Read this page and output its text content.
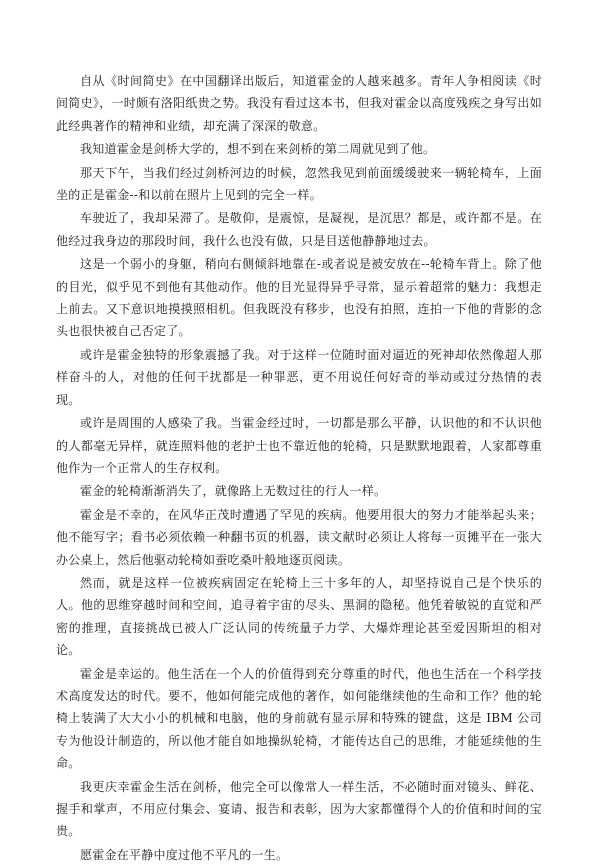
自从《时间简史》在中国翻译出版后，知道霍金的人越来越多。青年人争相阅读《时间简史》，一时颇有洛阳纸贵之势。我没有看过这本书，但我对霍金以高度残疾之身写出如此经典著作的精神和业绩，却充满了深深的敬意。

我知道霍金是剑桥大学的，想不到在来剑桥的第二周就见到了他。

那天下午，当我们经过剑桥河边的时候，忽然我见到前面缓缓驶来一辆轮椅车，上面坐的正是霍金--和以前在照片上见到的完全一样。

车驶近了，我却呆滞了。是敬仰，是震惊，是凝视，是沉思？都是，或许都不是。在他经过我身边的那段时间，我什么也没有做，只是目送他静静地过去。

这是一个弱小的身躯，稍向右侧倾斜地靠在-或者说是被安放在--轮椅车背上。除了他的目光，似乎见不到他有其他动作。他的目光显得异乎寻常，显示着超常的魅力：我想走上前去。又下意识地摸摸照相机。但我既没有移步，也没有拍照，连拍一下他的背影的念头也很快被自己否定了。

或许是霍金独特的形象震撼了我。对于这样一位随时面对逼近的死神却依然像超人那样奋斗的人，对他的任何干扰都是一种罪恶，更不用说任何好奇的举动或过分热情的表现。

或许是周围的人感染了我。当霍金经过时，一切都是那么平静，认识他的和不认识他的人都毫无异样，就连照料他的老护士也不靠近他的轮椅，只是默默地跟着，人家都尊重他作为一个正常人的生存权利。

霍金的轮椅渐渐消失了，就像路上无数过往的行人一样。

霍金是不幸的，在风华正茂时遭遇了罕见的疾病。他要用很大的努力才能举起头来；他不能写字；看书必须依赖一种翻书页的机器，读文献时必须让人将每一页摊平在一张大办公桌上，然后他驱动轮椅如蚕吃桑叶般地逐页阅读。

然而，就是这样一位被疾病固定在轮椅上三十多年的人，却坚持说自己是个快乐的人。他的思维穿越时间和空间，追寻着宇宙的尽头、黑洞的隐秘。他凭着敏锐的直觉和严密的推理，直接挑战已被人广泛认同的传统量子力学、大爆炸理论甚至爱因斯坦的相对论。

霍金是幸运的。他生活在一个人的价值得到充分尊重的时代，他也生活在一个科学技术高度发达的时代。要不，他如何能完成他的著作，如何能继续他的生命和工作？他的轮椅上装满了大大小小的机械和电脑，他的身前就有显示屏和特殊的键盘，这是 IBM 公司专为他设计制造的，所以他才能自如地操纵轮椅，才能传达自己的思维，才能延续他的生命。

我更庆幸霍金生活在剑桥，他完全可以像常人一样生活，不必随时面对镜头、鲜花、握手和掌声，不用应付集会、宴请、报告和表彰，因为大家都懂得个人的价值和时间的宝贵。

愿霍金在平静中度过他不平凡的一生。
